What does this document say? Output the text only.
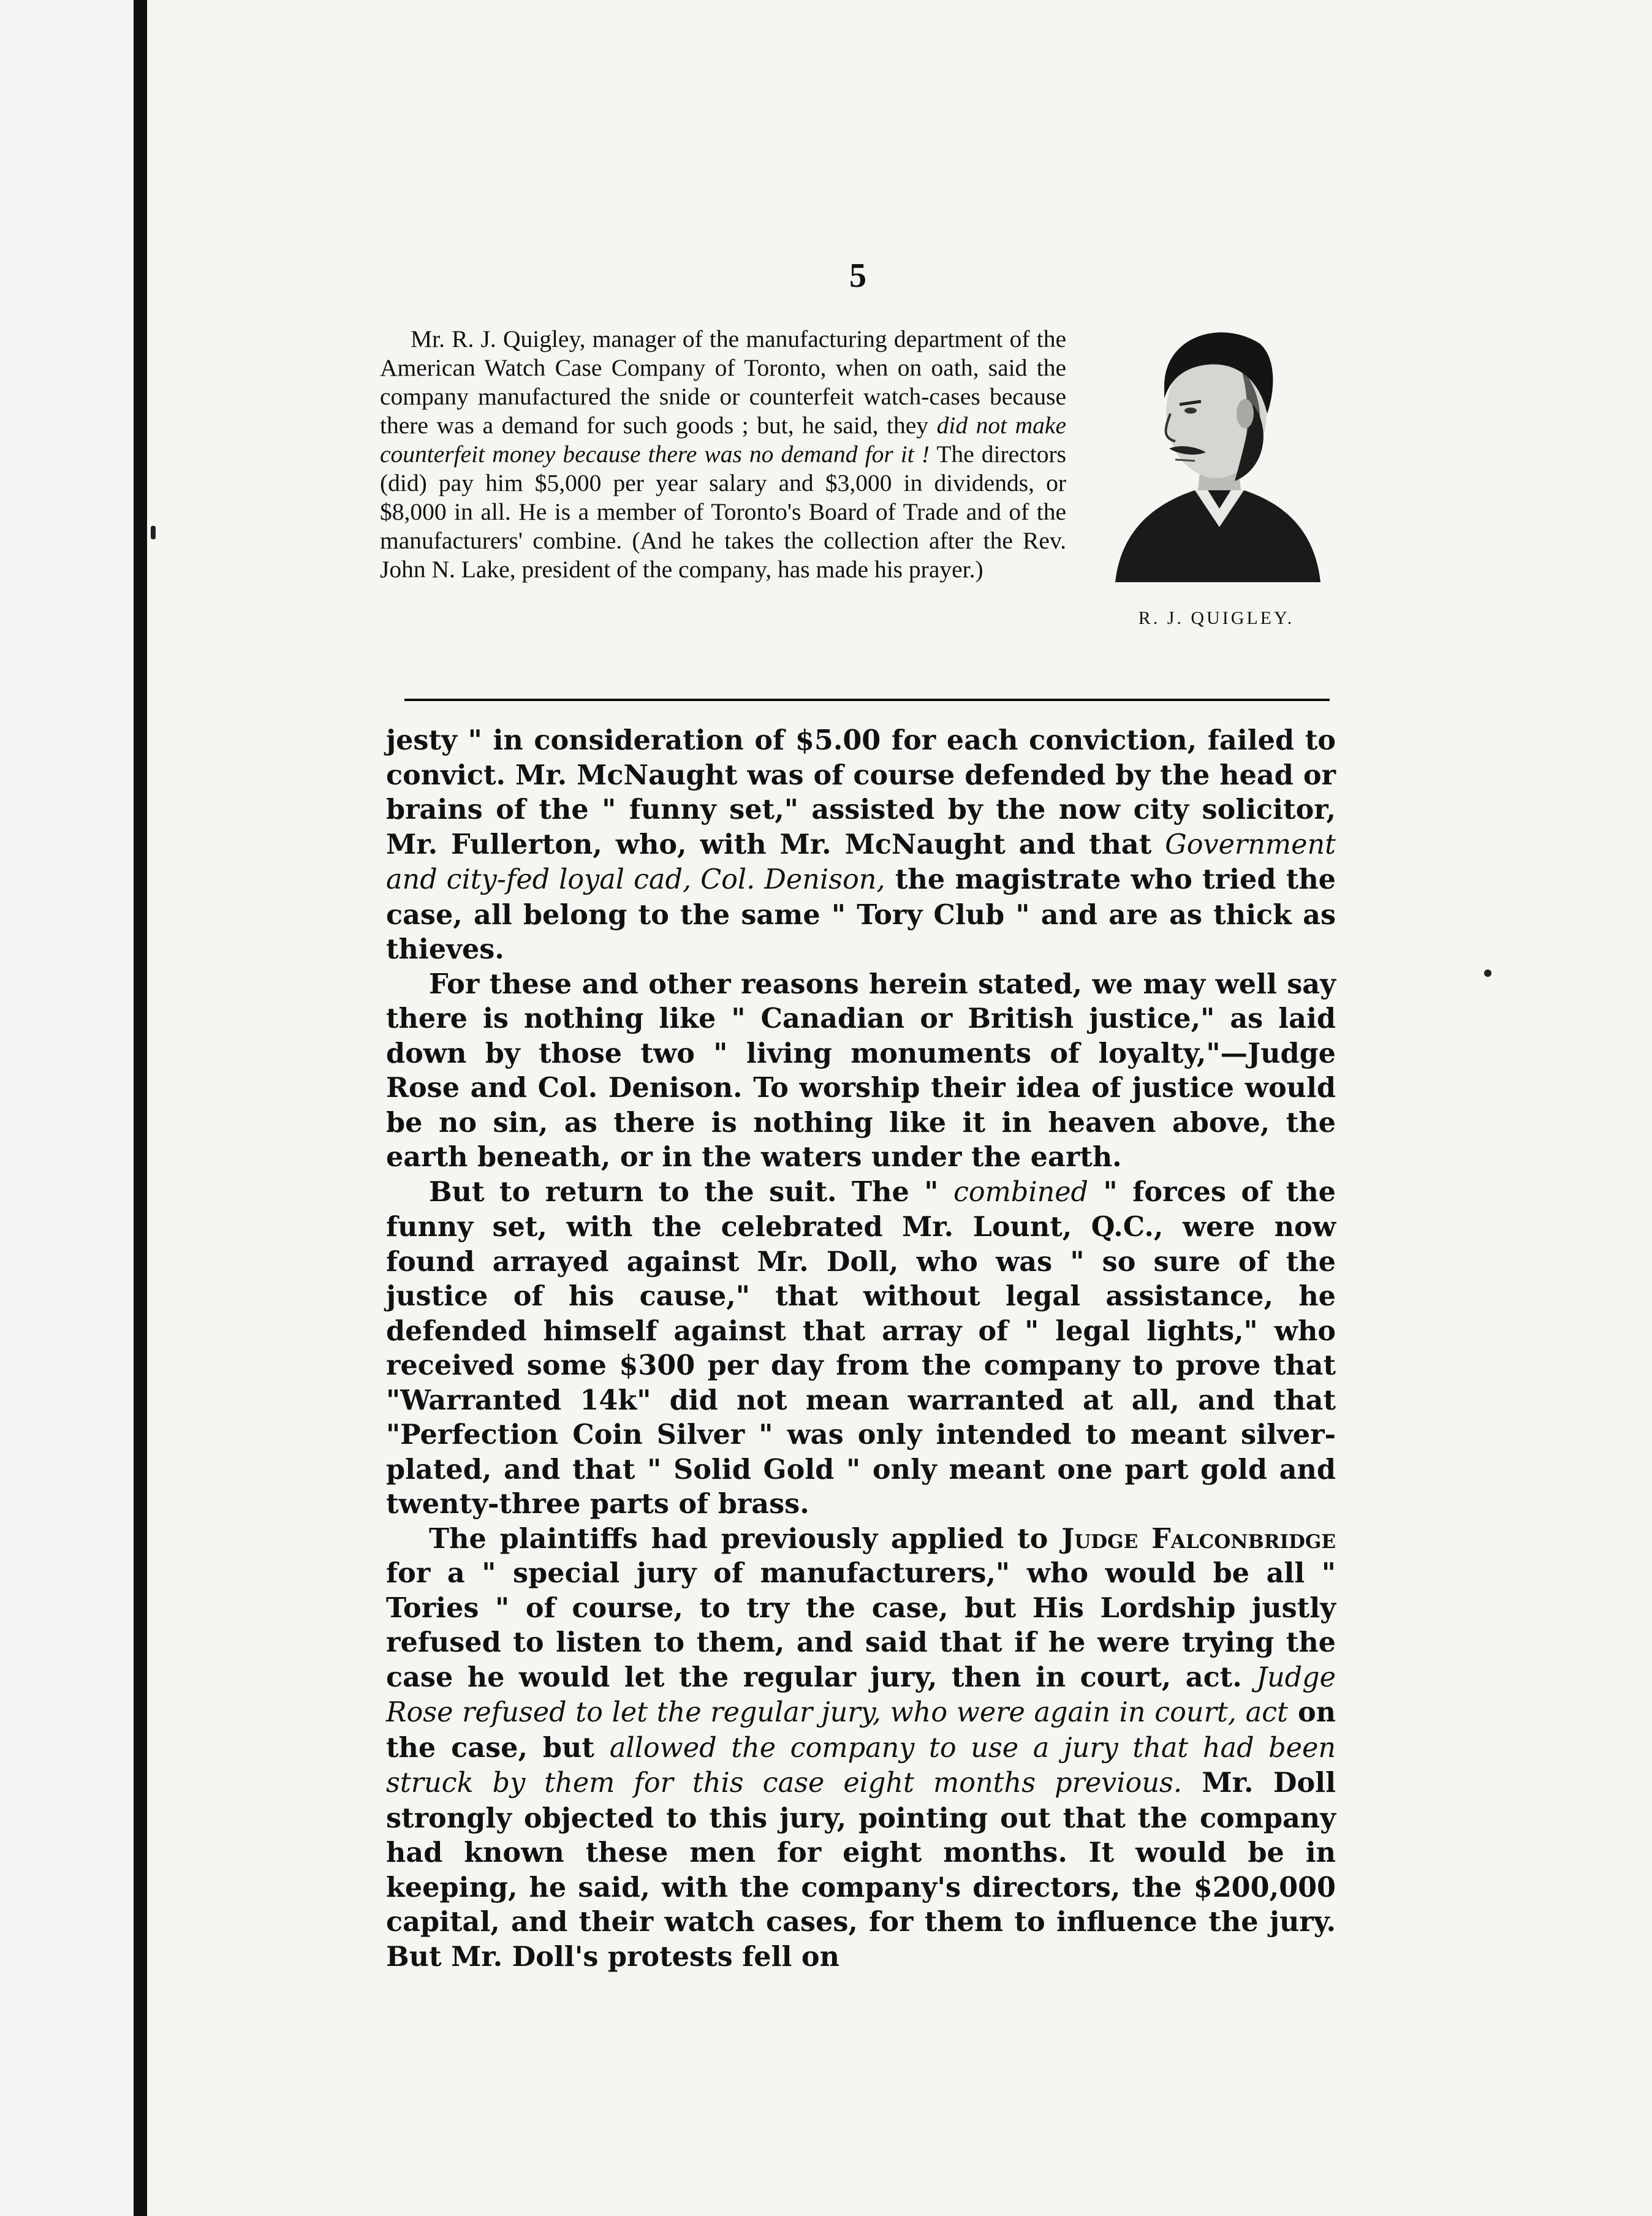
5
Mr. R. J. Quigley, manager of the manufacturing department of the American Watch Case Company of Toronto, when on oath, said the company manufactured the snide or counterfeit watch-cases because there was a demand for such goods ; but, he said, they did not make counterfeit money because there was no demand for it ! The directors (did) pay him $5,000 per year salary and $3,000 in dividends, or $8,000 in all. He is a member of Toronto's Board of Trade and of the manufacturers' combine. (And he takes the collection after the Rev. John N. Lake, president of the company, has made his prayer.)
R. J. QUIGLEY.

jesty " in consideration of $5.00 for each conviction, failed to convict. Mr. McNaught was of course defended by the head or brains of the " funny set," assisted by the now city solicitor, Mr. Fullerton, who, with Mr. McNaught and that Government and city-fed loyal cad, Col. Denison, the magistrate who tried the case, all belong to the same " Tory Club " and are as thick as thieves.

For these and other reasons herein stated, we may well say there is nothing like " Canadian or British justice," as laid down by those two " living monuments of loyalty,"—Judge Rose and Col. Denison. To worship their idea of justice would be no sin, as there is nothing like it in heaven above, the earth beneath, or in the waters under the earth.

But to return to the suit. The " combined " forces of the funny set, with the celebrated Mr. Lount, Q.C., were now found arrayed against Mr. Doll, who was " so sure of the justice of his cause," that without legal assistance, he defended himself against that array of " legal lights," who received some $300 per day from the company to prove that "Warranted 14k" did not mean warranted at all, and that "Perfection Coin Silver " was only intended to meant silver-plated, and that " Solid Gold " only meant one part gold and twenty-three parts of brass.

The plaintiffs had previously applied to Judge Falconbridge for a " special jury of manufacturers," who would be all " Tories " of course, to try the case, but His Lordship justly refused to listen to them, and said that if he were trying the case he would let the regular jury, then in court, act. Judge Rose refused to let the regular jury, who were again in court, act on the case, but allowed the company to use a jury that had been struck by them for this case eight months previous. Mr. Doll strongly objected to this jury, pointing out that the company had known these men for eight months. It would be in keeping, he said, with the company's directors, the $200,000 capital, and their watch cases, for them to influence the jury. But Mr. Doll's protests fell on
